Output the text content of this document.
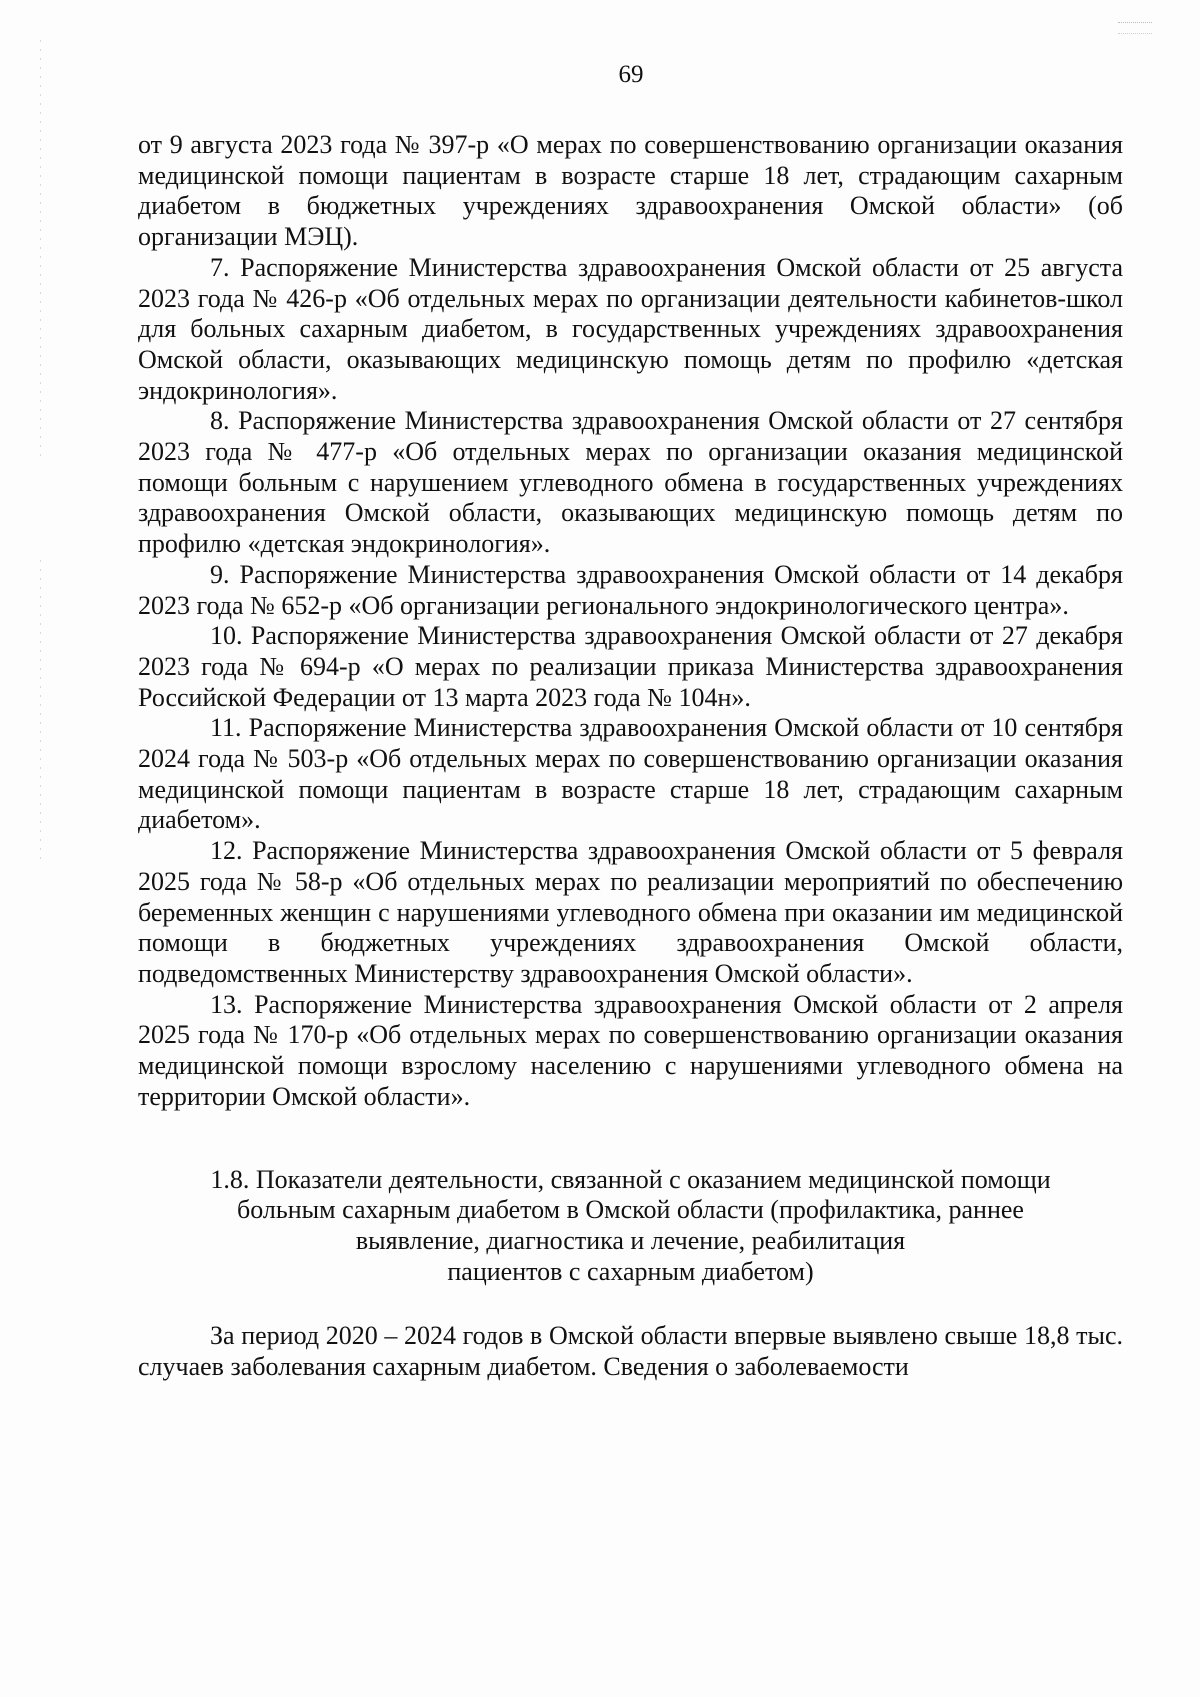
69

от 9 августа 2023 года № 397-р «О мерах по совершенствованию организации оказания медицинской помощи пациентам в возрасте старше 18 лет, страдающим сахарным диабетом в бюджетных учреждениях здравоохранения Омской области» (об организации МЭЦ).

7. Распоряжение Министерства здравоохранения Омской области от 25 августа 2023 года № 426-р «Об отдельных мерах по организации деятельности кабинетов-школ для больных сахарным диабетом, в государственных учреждениях здравоохранения Омской области, оказывающих медицинскую помощь детям по профилю «детская эндокринология».

8. Распоряжение Министерства здравоохранения Омской области от 27 сентября 2023 года № 477-р «Об отдельных мерах по организации оказания медицинской помощи больным с нарушением углеводного обмена в государственных учреждениях здравоохранения Омской области, оказывающих медицинскую помощь детям по профилю «детская эндокринология».

9. Распоряжение Министерства здравоохранения Омской области от 14 декабря 2023 года № 652-р «Об организации регионального эндокринологического центра».

10. Распоряжение Министерства здравоохранения Омской области от 27 декабря 2023 года № 694-р «О мерах по реализации приказа Министерства здравоохранения Российской Федерации от 13 марта 2023 года № 104н».

11. Распоряжение Министерства здравоохранения Омской области от 10 сентября 2024 года № 503-р «Об отдельных мерах по совершенствованию организации оказания медицинской помощи пациентам в возрасте старше 18 лет, страдающим сахарным диабетом».

12. Распоряжение Министерства здравоохранения Омской области от 5 февраля 2025 года № 58-р «Об отдельных мерах по реализации мероприятий по обеспечению беременных женщин с нарушениями углеводного обмена при оказании им медицинской помощи в бюджетных учреждениях здравоохранения Омской области, подведомственных Министерству здравоохранения Омской области».

13. Распоряжение Министерства здравоохранения Омской области от 2 апреля 2025 года № 170-р «Об отдельных мерах по совершенствованию организации оказания медицинской помощи взрослому населению с нарушениями углеводного обмена на территории Омской области».

1.8. Показатели деятельности, связанной с оказанием медицинской помощи
больным сахарным диабетом в Омской области (профилактика, раннее
выявление, диагностика и лечение, реабилитация
пациентов с сахарным диабетом)

За период 2020 – 2024 годов в Омской области впервые выявлено свыше 18,8 тыс. случаев заболевания сахарным диабетом. Сведения о заболеваемости
